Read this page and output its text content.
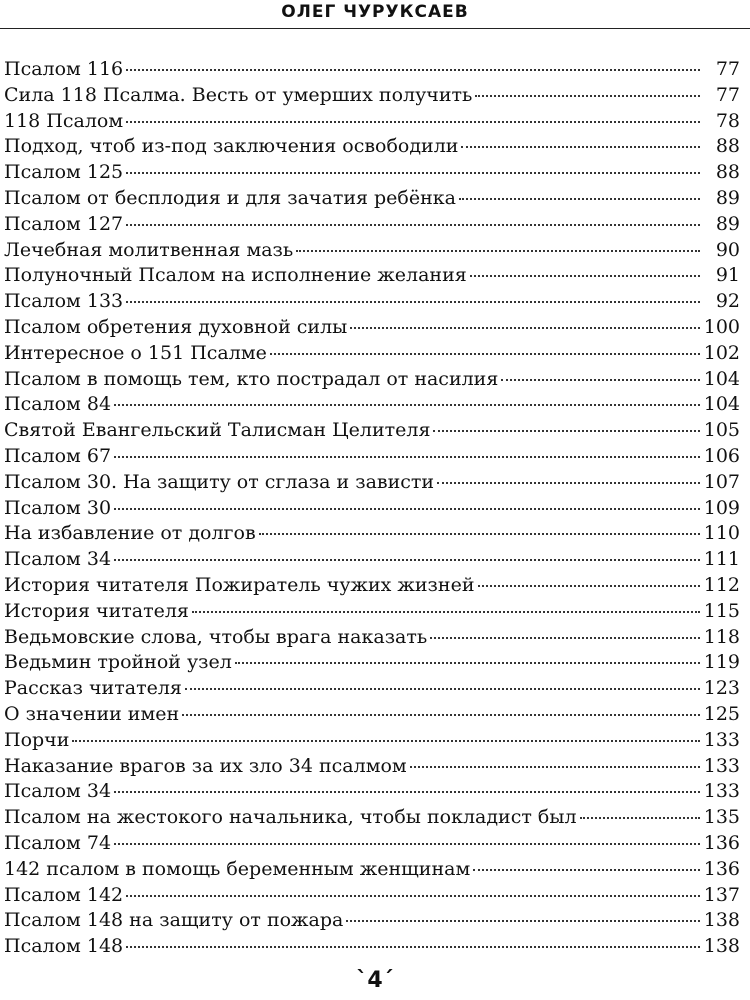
ОЛЕГ ЧУРУКСАЕВ
Псалом 116	77
Сила 118 Псалма. Весть от умерших получить	77
118 Псалом	78
Подход, чтоб из-под заключения освободили	88
Псалом 125	88
Псалом от бесплодия и для зачатия ребёнка	89
Псалом 127	89
Лечебная молитвенная мазь	90
Полуночный Псалом на исполнение желания	91
Псалом 133	92
Псалом обретения духовной силы	100
Интересное о 151 Псалме	102
Псалом в помощь тем, кто пострадал от насилия	104
Псалом 84	104
Святой Евангельский Талисман Целителя	105
Псалом 67	106
Псалом 30. На защиту от сглаза и зависти	107
Псалом 30	109
На избавление от долгов	110
Псалом 34	111
История читателя Пожиратель чужих жизней	112
История читателя	115
Ведьмовские слова, чтобы врага наказать	118
Ведьмин тройной узел	119
Рассказ читателя	123
О значении имен	125
Порчи	133
Наказание врагов за их зло 34 псалмом	133
Псалом 34	133
Псалом на жестокого начальника, чтобы покладист был	135
Псалом 74	136
142 псалом в помощь беременным женщинам	136
Псалом 142	137
Псалом 148 на защиту от пожара	138
Псалом 148	138
`4´
